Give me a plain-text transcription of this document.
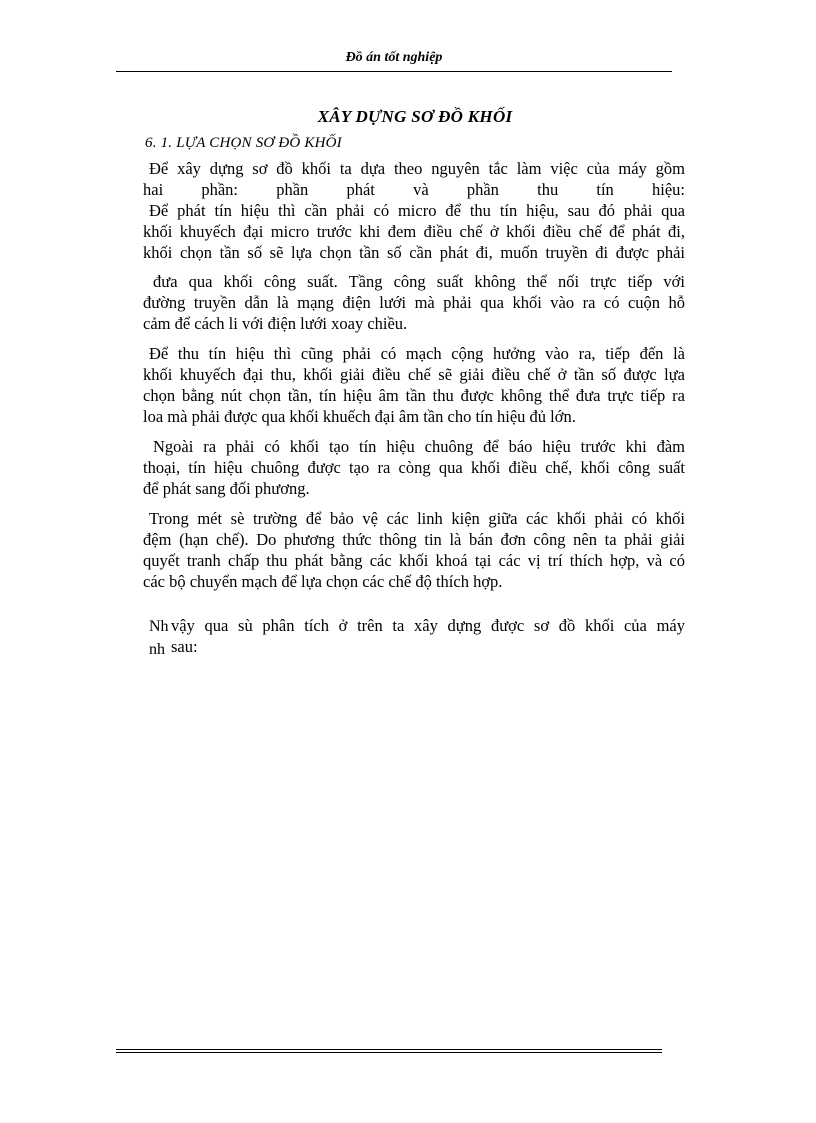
Đồ án tốt nghiệp
XÂY DỰNG SƠ ĐỒ KHỐI
6. 1. LỰA CHỌN SƠ ĐỒ KHỐI

Để xây dựng sơ đồ khối ta dựa theo nguyên tắc làm việc của máy gồm

hai phần: phần phát và phần thu tín hiệu:

Để phát tín hiệu thì cần phải có micro để thu tín hiệu, sau đó phải qua

khối khuyếch đại micro trước khi đem điều chế ở khối điều chế để phát đi,

khối chọn tần số sẽ lựa chọn tần số cần phát đi, muốn truyền đi được phải

đưa qua khối công suất. Tầng công suất không thể nối trực tiếp với

đường truyền dẫn là mạng điện lưới mà phải qua khối vào ra có cuộn hỗ

cảm để cách li với điện lưới xoay chiều.

Để thu tín hiệu thì cũng phải có mạch cộng hưởng vào ra, tiếp đến là

khối khuyếch đại thu, khối giải điều chế sẽ giải điều chế ở tần số được lựa

chọn bằng nút chọn tần, tín hiệu âm tần thu được không thể đưa trực tiếp ra

loa mà phải được qua khối khuếch đại âm tần cho tín hiệu đủ lớn.

Ngoài ra phải có khối tạo tín hiệu chuông để báo hiệu trước khi đàm

thoại, tín hiệu chuông được tạo ra còng qua khối điều chế, khối công suất

để phát sang đối phương.

Trong mét sè trường để bảo vệ các linh kiện giữa các khối phải có khối

đệm (hạn chế). Do phương thức thông tin là bán đơn công nên ta phải giải

quyết tranh chấp thu phát bằng các khối khoá tại các vị trí thích hợp, và có

các bộ chuyển mạch để lựa chọn các chế độ thích hợp.

Nh
nh
vậy qua sù phân tích ở trên ta xây dựng được sơ đồ khối của máy
sau:
